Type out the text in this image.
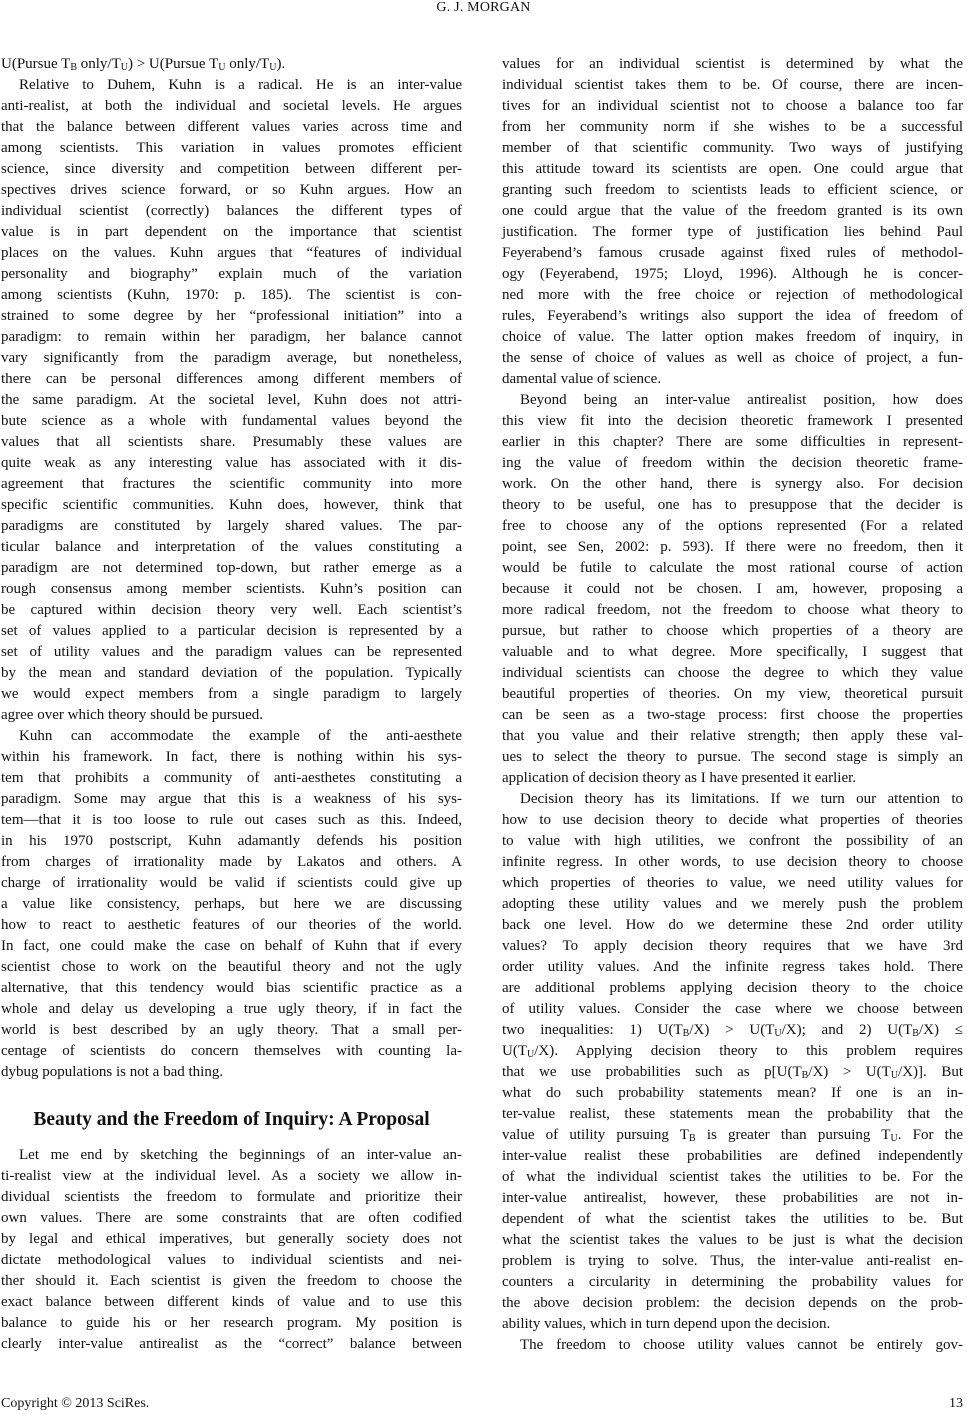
G. J. MORGAN
U(Pursue $T_B$ only/$T_U$) > U(Pursue $T_U$ only/$T_U$).
Relative to Duhem, Kuhn is a radical. He is an inter-value
anti-realist, at both the individual and societal levels. He argues
that the balance between different values varies across time and
among scientists. This variation in values promotes efficient
science, since diversity and competition between different per-
spectives drives science forward, or so Kuhn argues. How an
individual scientist (correctly) balances the different types of
value is in part dependent on the importance that scientist
places on the values. Kuhn argues that “features of individual
personality and biography” explain much of the variation
among scientists (Kuhn, 1970: p. 185). The scientist is con-
strained to some degree by her “professional initiation” into a
paradigm: to remain within her paradigm, her balance cannot
vary significantly from the paradigm average, but nonetheless,
there can be personal differences among different members of
the same paradigm. At the societal level, Kuhn does not attri-
bute science as a whole with fundamental values beyond the
values that all scientists share. Presumably these values are
quite weak as any interesting value has associated with it dis-
agreement that fractures the scientific community into more
specific scientific communities. Kuhn does, however, think that
paradigms are constituted by largely shared values. The par-
ticular balance and interpretation of the values constituting a
paradigm are not determined top-down, but rather emerge as a
rough consensus among member scientists. Kuhn’s position can
be captured within decision theory very well. Each scientist’s
set of values applied to a particular decision is represented by a
set of utility values and the paradigm values can be represented
by the mean and standard deviation of the population. Typically
we would expect members from a single paradigm to largely
agree over which theory should be pursued.
Kuhn can accommodate the example of the anti-aesthete
within his framework. In fact, there is nothing within his sys-
tem that prohibits a community of anti-aesthetes constituting a
paradigm. Some may argue that this is a weakness of his sys-
tem—that it is too loose to rule out cases such as this. Indeed,
in his 1970 postscript, Kuhn adamantly defends his position
from charges of irrationality made by Lakatos and others. A
charge of irrationality would be valid if scientists could give up
a value like consistency, perhaps, but here we are discussing
how to react to aesthetic features of our theories of the world.
In fact, one could make the case on behalf of Kuhn that if every
scientist chose to work on the beautiful theory and not the ugly
alternative, that this tendency would bias scientific practice as a
whole and delay us developing a true ugly theory, if in fact the
world is best described by an ugly theory. That a small per-
centage of scientists do concern themselves with counting la-
dybug populations is not a bad thing.
Beauty and the Freedom of Inquiry: A Proposal
Let me end by sketching the beginnings of an inter-value an-
ti-realist view at the individual level. As a society we allow in-
dividual scientists the freedom to formulate and prioritize their
own values. There are some constraints that are often codified
by legal and ethical imperatives, but generally society does not
dictate methodological values to individual scientists and nei-
ther should it. Each scientist is given the freedom to choose the
exact balance between different kinds of value and to use this
balance to guide his or her research program. My position is
clearly inter-value antirealist as the “correct” balance between
values for an individual scientist is determined by what the
individual scientist takes them to be. Of course, there are incen-
tives for an individual scientist not to choose a balance too far
from her community norm if she wishes to be a successful
member of that scientific community. Two ways of justifying
this attitude toward its scientists are open. One could argue that
granting such freedom to scientists leads to efficient science, or
one could argue that the value of the freedom granted is its own
justification. The former type of justification lies behind Paul
Feyerabend’s famous crusade against fixed rules of methodol-
ogy (Feyerabend, 1975; Lloyd, 1996). Although he is concer-
ned more with the free choice or rejection of methodological
rules, Feyerabend’s writings also support the idea of freedom of
choice of value. The latter option makes freedom of inquiry, in
the sense of choice of values as well as choice of project, a fun-
damental value of science.
Beyond being an inter-value antirealist position, how does
this view fit into the decision theoretic framework I presented
earlier in this chapter? There are some difficulties in represent-
ing the value of freedom within the decision theoretic frame-
work. On the other hand, there is synergy also. For decision
theory to be useful, one has to presuppose that the decider is
free to choose any of the options represented (For a related
point, see Sen, 2002: p. 593). If there were no freedom, then it
would be futile to calculate the most rational course of action
because it could not be chosen. I am, however, proposing a
more radical freedom, not the freedom to choose what theory to
pursue, but rather to choose which properties of a theory are
valuable and to what degree. More specifically, I suggest that
individual scientists can choose the degree to which they value
beautiful properties of theories. On my view, theoretical pursuit
can be seen as a two-stage process: first choose the properties
that you value and their relative strength; then apply these val-
ues to select the theory to pursue. The second stage is simply an
application of decision theory as I have presented it earlier.
Decision theory has its limitations. If we turn our attention to
how to use decision theory to decide what properties of theories
to value with high utilities, we confront the possibility of an
infinite regress. In other words, to use decision theory to choose
which properties of theories to value, we need utility values for
adopting these utility values and we merely push the problem
back one level. How do we determine these 2nd order utility
values? To apply decision theory requires that we have 3rd
order utility values. And the infinite regress takes hold. There
are additional problems applying decision theory to the choice
of utility values. Consider the case where we choose between
two inequalities: 1) $U(T_B/X) > U(T_U/X)$; and 2) $U(T_B/X)$ ≤
$U(T_U/X)$. Applying decision theory to this problem requires
that we use probabilities such as $p[U(T_B/X) > U(T_U/X)]$. But
what do such probability statements mean? If one is an in-
ter-value realist, these statements mean the probability that the
value of utility pursuing $T_B$ is greater than pursuing $T_U$. For the
inter-value realist these probabilities are defined independently
of what the individual scientist takes the utilities to be. For the
inter-value antirealist, however, these probabilities are not in-
dependent of what the scientist takes the utilities to be. But
what the scientist takes the values to be just is what the decision
problem is trying to solve. Thus, the inter-value anti-realist en-
counters a circularity in determining the probability values for
the above decision problem: the decision depends on the prob-
ability values, which in turn depend upon the decision.
The freedom to choose utility values cannot be entirely gov-
Copyright © 2013 SciRes.	13
